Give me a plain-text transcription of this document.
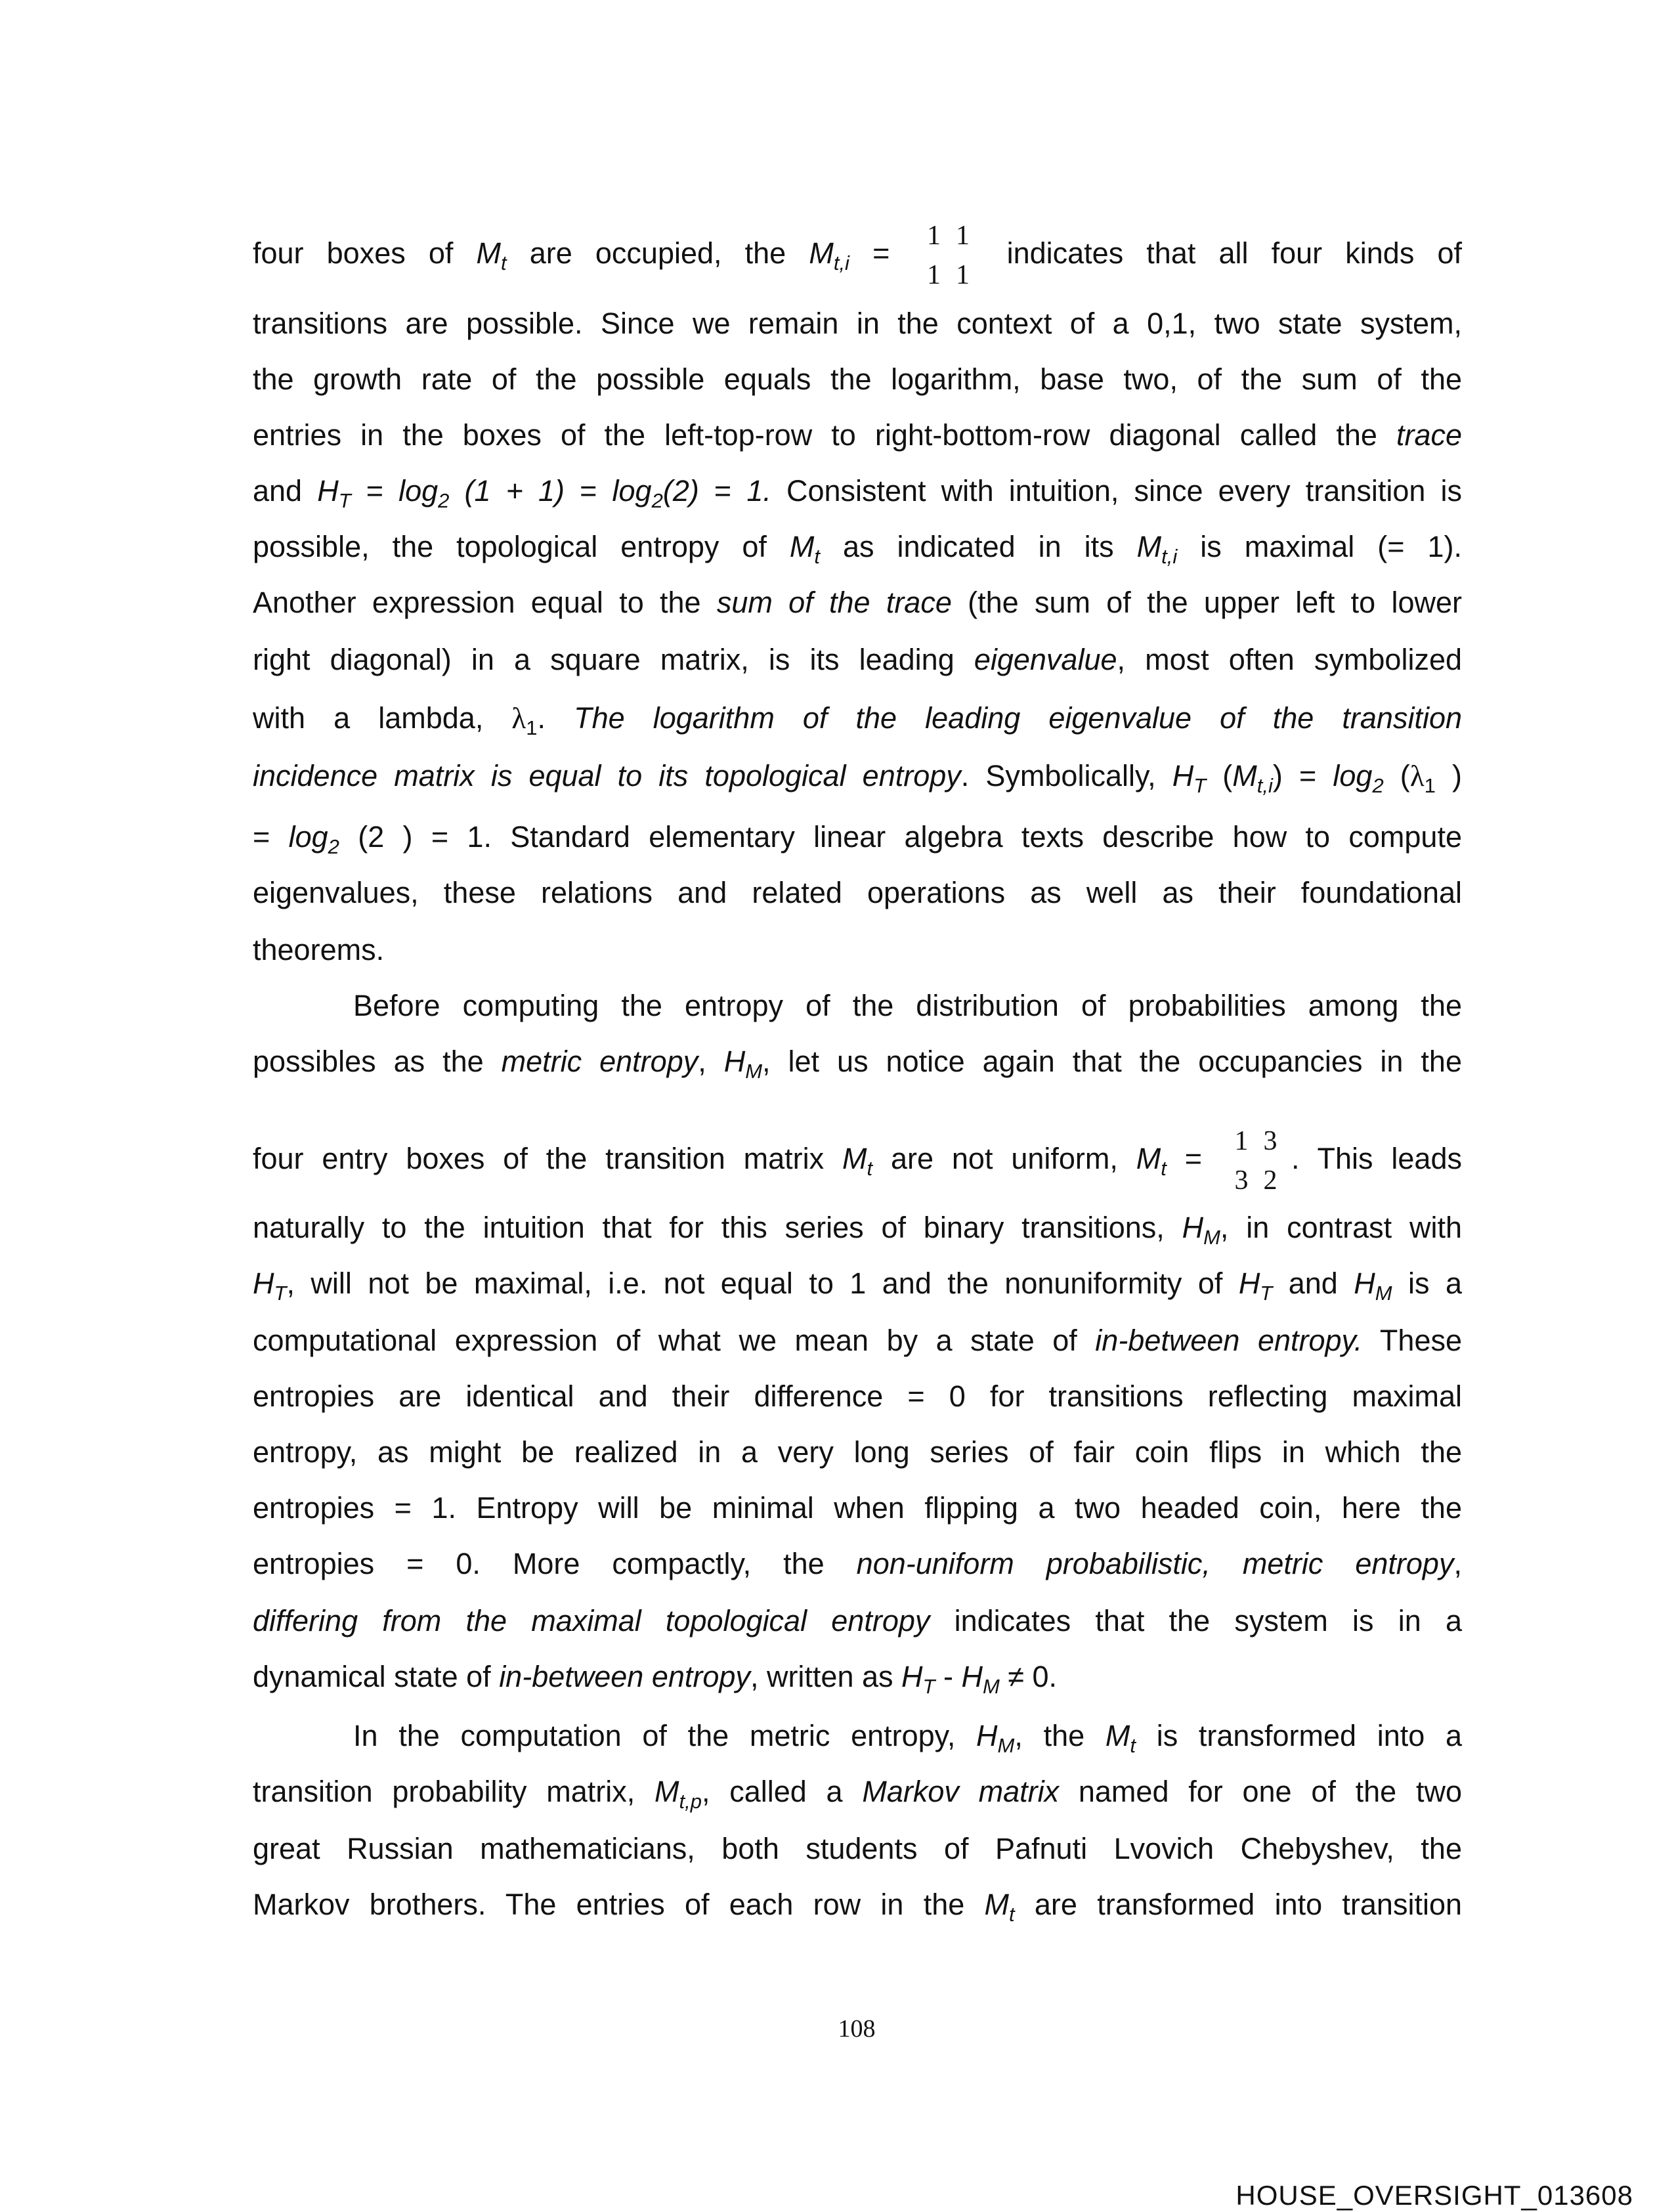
four boxes of $M_t$ are occupied, the $M_{t,i}$ =
1 1
1 1
indicates that all four kinds of
transitions are possible. Since we remain in the context of a 0,1, two state system,
the growth rate of the possible equals the logarithm, base two, of the sum of the
entries in the boxes of the left-top-row to right-bottom-row diagonal called the trace
and $H_T = \log_2 (1 + 1) = \log_2(2) = 1$. Consistent with intuition, since every transition is
possible, the topological entropy of $M_t$ as indicated in its $M_{t,i}$ is maximal (= 1).
Another expression equal to the sum of the trace (the sum of the upper left to lower
right diagonal) in a square matrix, is its leading eigenvalue, most often symbolized
with a lambda, $\lambda_1$. The logarithm of the leading eigenvalue of the transition
incidence matrix is equal to its topological entropy. Symbolically, $H_T$ $(M_{t,i}) = \log_2 (\lambda_1$ )
= $\log_2 (2$ ) = 1. Standard elementary linear algebra texts describe how to compute
eigenvalues, these relations and related operations as well as their foundational
theorems.
Before computing the entropy of the distribution of probabilities among the
possibles as the metric entropy, $H_M$, let us notice again that the occupancies in the
four entry boxes of the transition matrix $M_t$ are not uniform, $M_t$ =
1 3
3 2
. This leads
naturally to the intuition that for this series of binary transitions, $H_M$, in contrast with
$H_T$, will not be maximal, i.e. not equal to 1 and the nonuniformity of $H_T$ and $H_M$ is a
computational expression of what we mean by a state of in-between entropy. These
entropies are identical and their difference = 0 for transitions reflecting maximal
entropy, as might be realized in a very long series of fair coin flips in which the
entropies = 1. Entropy will be minimal when flipping a two headed coin, here the
entropies = 0. More compactly, the non-uniform probabilistic, metric entropy,
differing from the maximal topological entropy indicates that the system is in a
dynamical state of in-between entropy, written as $H_T - H_M \ne 0$.
In the computation of the metric entropy, $H_M$, the $M_t$ is transformed into a
transition probability matrix, $M_{t,p}$, called a Markov matrix named for one of the two
great Russian mathematicians, both students of Pafnuti Lvovich Chebyshev, the
Markov brothers. The entries of each row in the $M_t$ are transformed into transition
108
HOUSE_OVERSIGHT_013608
